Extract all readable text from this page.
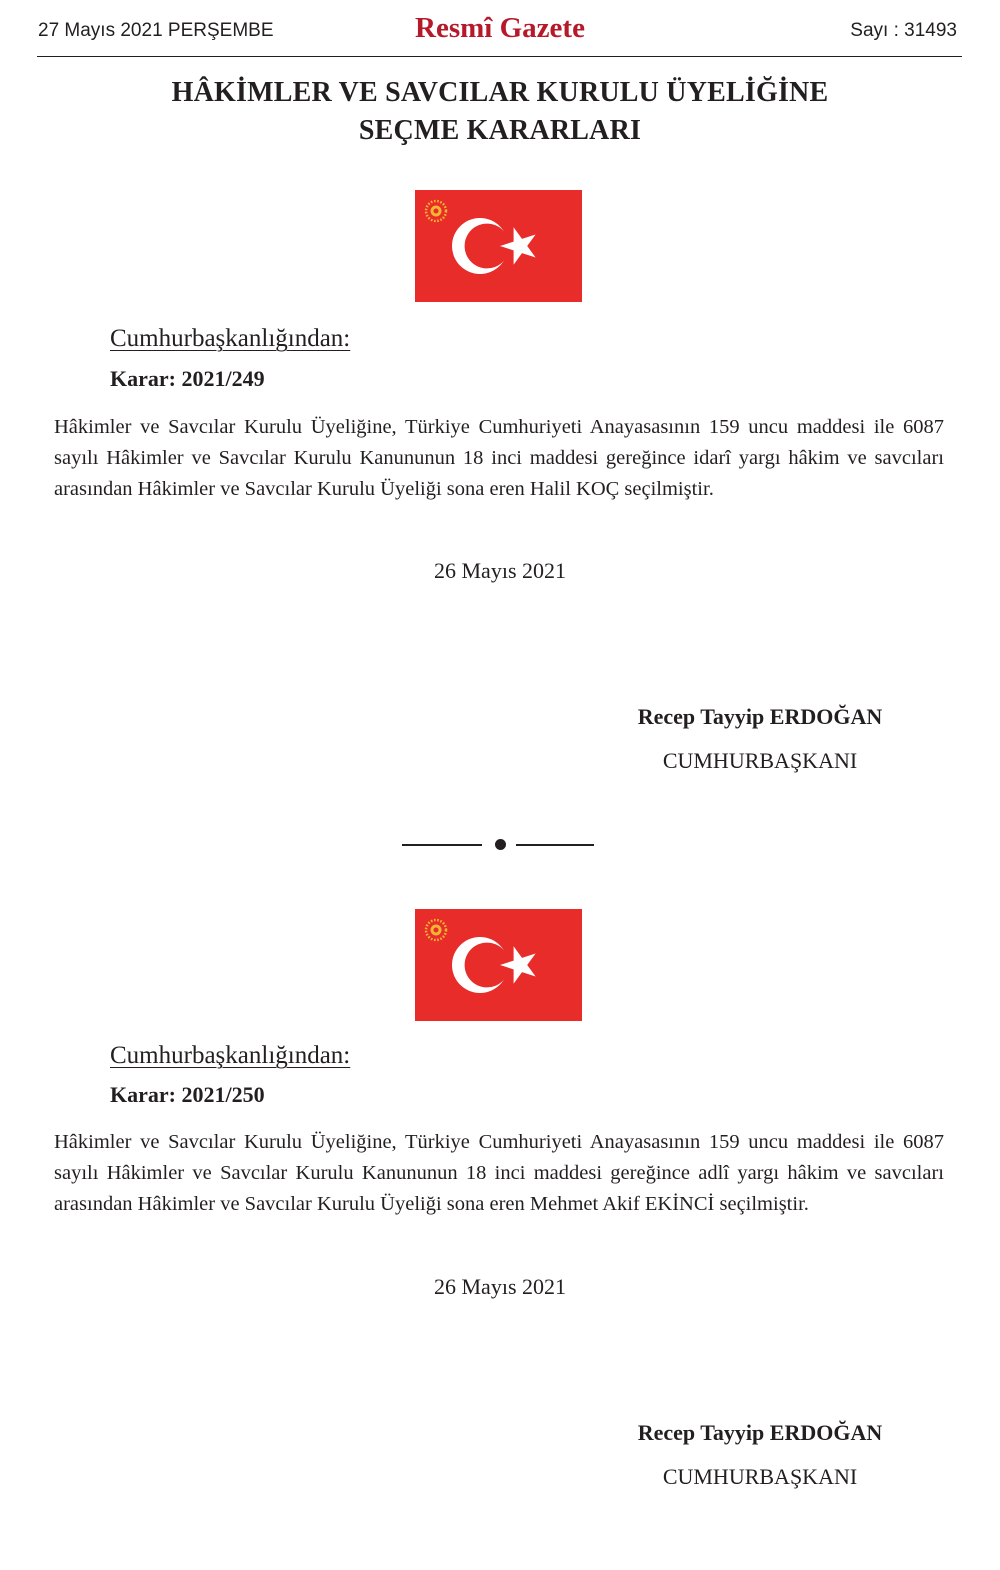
27 Mayıs 2021 PERŞEMBE	Resmî Gazete	Sayı : 31493
HÂKİMLER VE SAVCILAR KURULU ÜYELİĞİNE
SEÇME KARARLARI
Cumhurbaşkanlığından:
Karar: 2021/249
Hâkimler ve Savcılar Kurulu Üyeliğine, Türkiye Cumhuriyeti Anayasasının 159 uncu maddesi ile 6087 sayılı Hâkimler ve Savcılar Kurulu Kanununun 18 inci maddesi gereğince idarî yargı hâkim ve savcıları arasından Hâkimler ve Savcılar Kurulu Üyeliği sona eren Halil KOÇ seçilmiştir.
26 Mayıs 2021
Recep Tayyip ERDOĞAN
CUMHURBAŞKANI
Cumhurbaşkanlığından:
Karar: 2021/250
Hâkimler ve Savcılar Kurulu Üyeliğine, Türkiye Cumhuriyeti Anayasasının 159 uncu maddesi ile 6087 sayılı Hâkimler ve Savcılar Kurulu Kanununun 18 inci maddesi gereğince adlî yargı hâkim ve savcıları arasından Hâkimler ve Savcılar Kurulu Üyeliği sona eren Mehmet Akif EKİNCİ seçilmiştir.
26 Mayıs 2021
Recep Tayyip ERDOĞAN
CUMHURBAŞKANI
